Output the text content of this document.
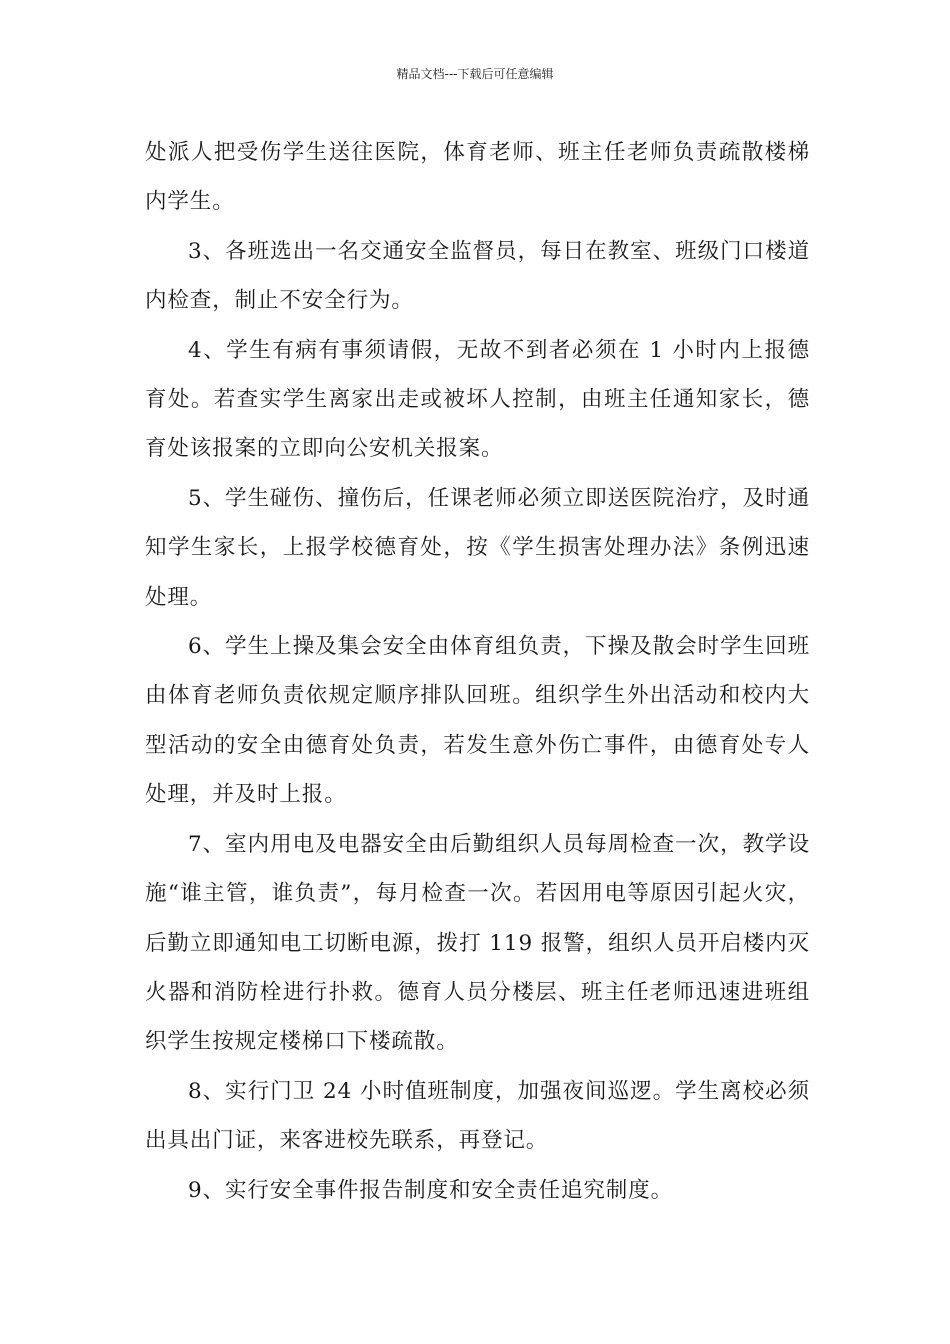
精品文档---下载后可任意编辑

处派人把受伤学生送往医院，体育老师、班主任老师负责疏散楼梯内学生。

3、各班选出一名交通安全监督员，每日在教室、班级门口楼道内检查，制止不安全行为。

4、学生有病有事须请假，无故不到者必须在 1 小时内上报德育处。若查实学生离家出走或被坏人控制，由班主任通知家长，德育处该报案的立即向公安机关报案。

5、学生碰伤、撞伤后，任课老师必须立即送医院治疗，及时通知学生家长，上报学校德育处，按《学生损害处理办法》条例迅速处理。

6、学生上操及集会安全由体育组负责，下操及散会时学生回班由体育老师负责依规定顺序排队回班。组织学生外出活动和校内大型活动的安全由德育处负责，若发生意外伤亡事件，由德育处专人处理，并及时上报。

7、室内用电及电器安全由后勤组织人员每周检查一次，教学设施“谁主管，谁负责”，每月检查一次。若因用电等原因引起火灾，后勤立即通知电工切断电源，拨打 119 报警，组织人员开启楼内灭火器和消防栓进行扑救。德育人员分楼层、班主任老师迅速进班组织学生按规定楼梯口下楼疏散。

8、实行门卫 24 小时值班制度，加强夜间巡逻。学生离校必须出具出门证，来客进校先联系，再登记。

9、实行安全事件报告制度和安全责任追究制度。
